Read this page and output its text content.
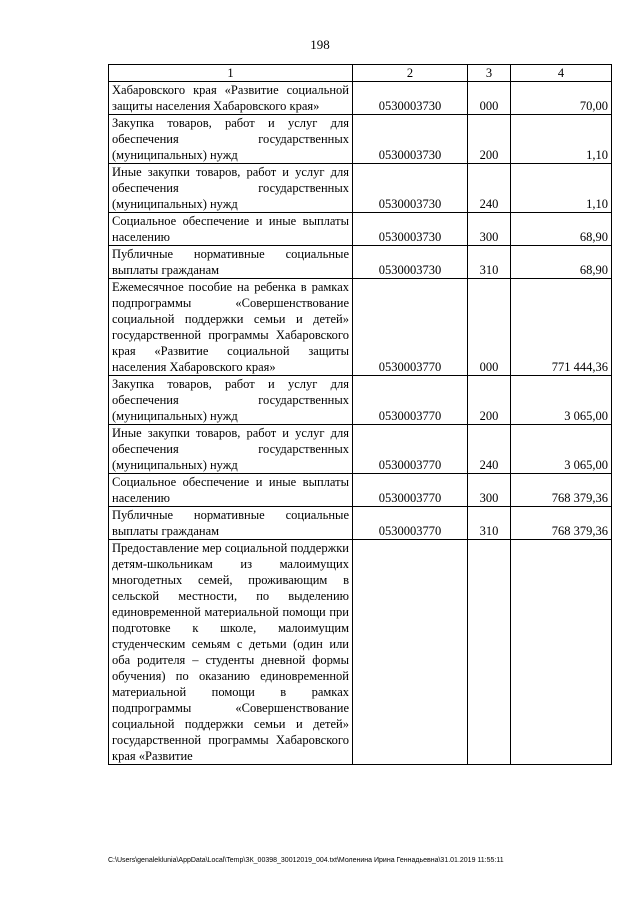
198
1	2	3	4
Хабаровского края «Развитие социальной защиты населения Хабаровского края»	0530003730	000	70,00
Закупка товаров, работ и услуг для обеспечения государственных (муниципальных) нужд	0530003730	200	1,10
Иные закупки товаров, работ и услуг для обеспечения государственных (муниципальных) нужд	0530003730	240	1,10
Социальное обеспечение и иные выплаты населению	0530003730	300	68,90
Публичные нормативные социальные выплаты гражданам	0530003730	310	68,90
Ежемесячное пособие на ребенка в рамках подпрограммы «Совершенствование социальной поддержки семьи и детей» государственной программы Хабаровского края «Развитие социальной защиты населения Хабаровского края»	0530003770	000	771 444,36
Закупка товаров, работ и услуг для обеспечения государственных (муниципальных) нужд	0530003770	200	3 065,00
Иные закупки товаров, работ и услуг для обеспечения государственных (муниципальных) нужд	0530003770	240	3 065,00
Социальное обеспечение и иные выплаты населению	0530003770	300	768 379,36
Публичные нормативные социальные выплаты гражданам	0530003770	310	768 379,36
Предоставление мер социальной поддержки детям-школьникам из малоимущих многодетных семей, проживающим в сельской местности, по выделению единовременной материальной помощи при подготовке к школе, малоимущим студенческим семьям с детьми (один или оба родителя – студенты дневной формы обучения) по оказанию единовременной материальной помощи в рамках подпрограммы «Совершенствование социальной поддержки семьи и детей» государственной программы Хабаровского края «Развитие			
C:\Users\genaleklunia\AppData\Local\Temp\ЗК_00398_30012019_004.txt\Моленина Ирина Геннадьевна\31.01.2019 11:55:11
